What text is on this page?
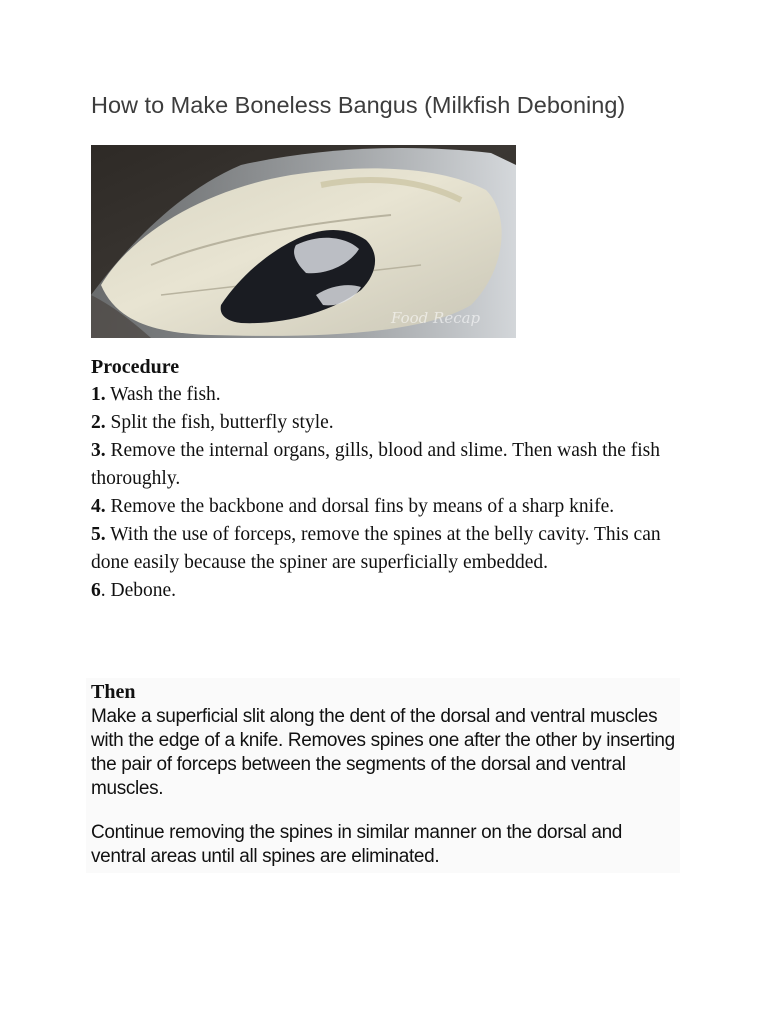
How to Make Boneless Bangus (Milkfish Deboning)
Food Recap

Procedure

1. Wash the fish.

2. Split the fish, butterfly style.

3. Remove the internal organs, gills, blood and slime. Then wash the fish thoroughly.

4. Remove the backbone and dorsal fins by means of a sharp knife.

5. With the use of forceps, remove the spines at the belly cavity. This can done easily because the spiner are superficially embedded.

6. Debone.

Then

Make a superficial slit along the dent of the dorsal and ventral muscles with the edge of a knife. Removes spines one after the other by inserting the pair of forceps between the segments of the dorsal and ventral muscles.

Continue removing the spines in similar manner on the dorsal and ventral areas until all spines are eliminated.
